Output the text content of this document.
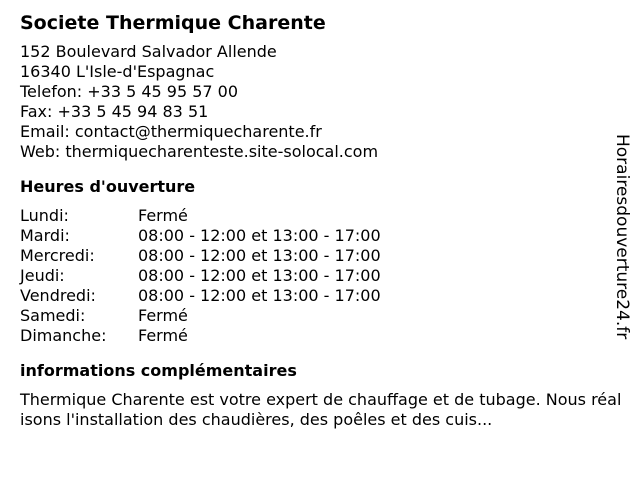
Societe Thermique Charente
152 Boulevard Salvador Allende
16340 L'Isle-d'Espagnac
Telefon: +33 5 45 95 57 00
Fax: +33 5 45 94 83 51
Email: contact@thermiquecharente.fr
Web: thermiquecharenteste.site-solocal.com
Heures d'ouverture
Lundi:	Fermé
Mardi:	08:00 - 12:00 et 13:00 - 17:00
Mercredi:	08:00 - 12:00 et 13:00 - 17:00
Jeudi:	08:00 - 12:00 et 13:00 - 17:00
Vendredi:	08:00 - 12:00 et 13:00 - 17:00
Samedi:	Fermé
Dimanche:	Fermé
informations complémentaires
Thermique Charente est votre expert de chauffage et de tubage. Nous réalisons l'installation des chaudières, des poêles et des cuis...
Horairesdouverture24.fr
